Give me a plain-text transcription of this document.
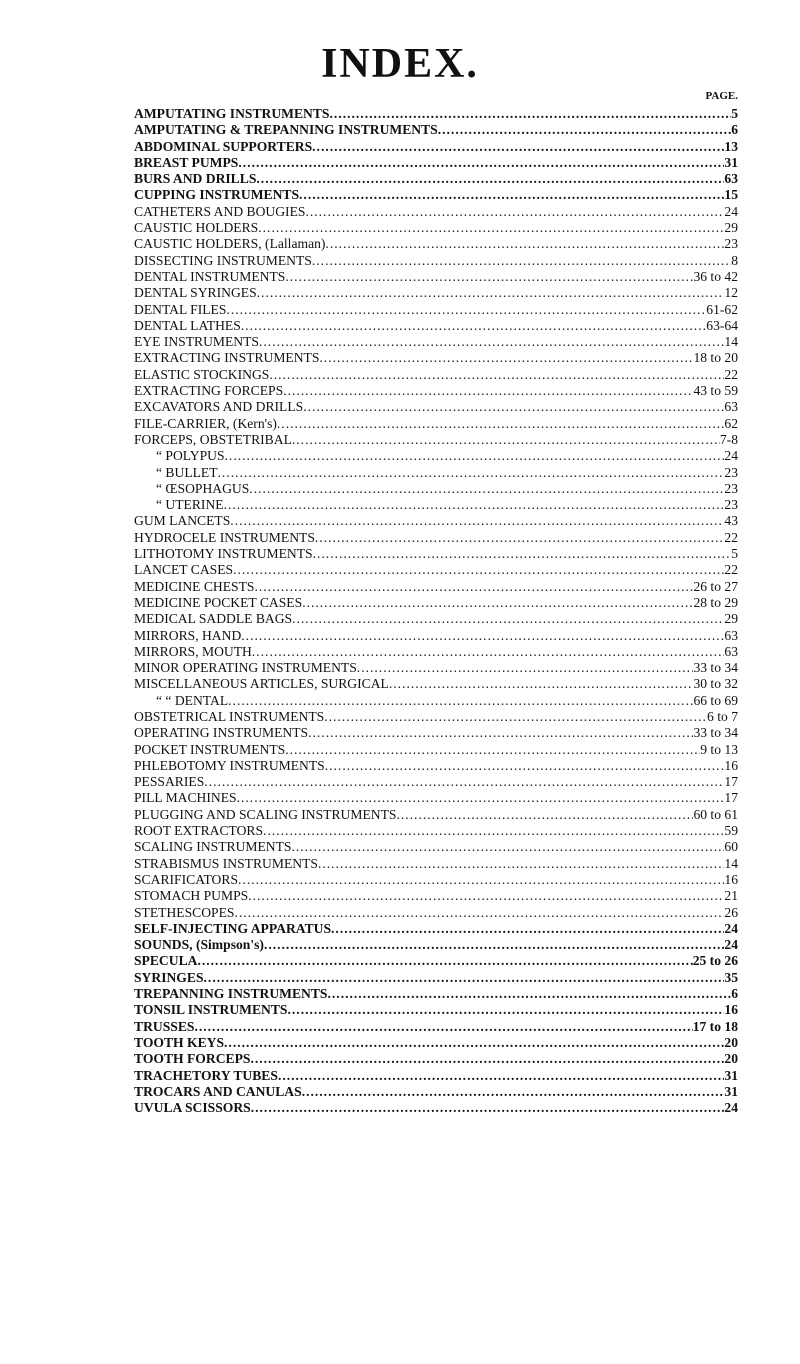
INDEX.
PAGE.
AMPUTATING INSTRUMENTS .....	5
AMPUTATING & TREPANNING INSTRUMENTS .....	6
ABDOMINAL SUPPORTERS .....	13
BREAST PUMPS .....	31
BURS AND DRILLS .....	63
CUPPING INSTRUMENTS .....	15
CATHETERS AND BOUGIES .....	24
CAUSTIC HOLDERS .....	29
CAUSTIC HOLDERS, (Lallaman) .....	23
DISSECTING INSTRUMENTS .....	8
DENTAL INSTRUMENTS .....	36 to 42
DENTAL SYRINGES .....	12
DENTAL FILES .....	61-62
DENTAL LATHES .....	63-64
EYE INSTRUMENTS .....	14
EXTRACTING INSTRUMENTS .....	18 to 20
ELASTIC STOCKINGS .....	22
EXTRACTING FORCEPS .....	43 to 59
EXCAVATORS AND DRILLS .....	63
FILE-CARRIER, (Kern's) .....	62
FORCEPS, OBSTETRIBAL .....	7-8
“ POLYPUS .....	24
“ BULLET .....	23
“ ŒSOPHAGUS .....	23
“ UTERINE .....	23
GUM LANCETS .....	43
HYDROCELE INSTRUMENTS .....	22
LITHOTOMY INSTRUMENTS .....	5
LANCET CASES .....	22
MEDICINE CHESTS .....	26 to 27
MEDICINE POCKET CASES .....	28 to 29
MEDICAL SADDLE BAGS .....	29
MIRRORS, HAND .....	63
MIRRORS, MOUTH .....	63
MINOR OPERATING INSTRUMENTS .....	33 to 34
MISCELLANEOUS ARTICLES, SURGICAL .....	30 to 32
“ “ DENTAL .....	66 to 69
OBSTETRICAL INSTRUMENTS .....	6 to 7
OPERATING INSTRUMENTS .....	33 to 34
POCKET INSTRUMENTS .....	9 to 13
PHLEBOTOMY INSTRUMENTS .....	16
PESSARIES .....	17
PILL MACHINES .....	17
PLUGGING AND SCALING INSTRUMENTS .....	60 to 61
ROOT EXTRACTORS .....	59
SCALING INSTRUMENTS .....	60
STRABISMUS INSTRUMENTS .....	14
SCARIFICATORS .....	16
STOMACH PUMPS .....	21
STETHESCOPES .....	26
SELF-INJECTING APPARATUS .....	24
SOUNDS, (Simpson's) .....	24
SPECULA .....	25 to 26
SYRINGES .....	35
TREPANNING INSTRUMENTS .....	6
TONSIL INSTRUMENTS .....	16
TRUSSES .....	17 to 18
TOOTH KEYS .....	20
TOOTH FORCEPS .....	20
TRACHETORY TUBES .....	31
TROCARS AND CANULAS .....	31
UVULA SCISSORS .....	24
